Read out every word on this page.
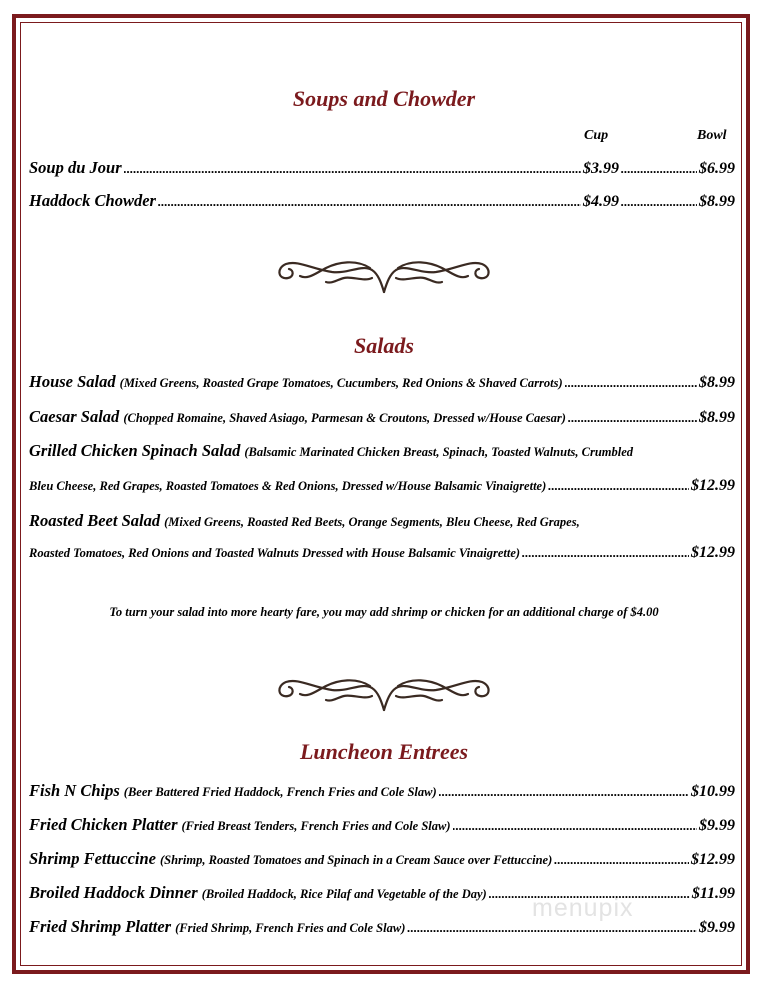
Soups and Chowder
Cup	Bowl
Soup du Jour .....	$3.99 .....	$6.99
Haddock Chowder .....	$4.99 .....	$8.99
Salads
House Salad (Mixed Greens, Roasted Grape Tomatoes, Cucumbers, Red Onions & Shaved Carrots) .....	$8.99
Caesar Salad (Chopped Romaine, Shaved Asiago, Parmesan & Croutons, Dressed w/House Caesar) .....	$8.99
Grilled Chicken Spinach Salad (Balsamic Marinated Chicken Breast, Spinach, Toasted Walnuts, Crumbled
Bleu Cheese, Red Grapes, Roasted Tomatoes & Red Onions, Dressed w/House Balsamic Vinaigrette) .....	$12.99
Roasted Beet Salad (Mixed Greens, Roasted Red Beets, Orange Segments, Bleu Cheese, Red Grapes,
Roasted Tomatoes, Red Onions and Toasted Walnuts Dressed with House Balsamic Vinaigrette) .....	$12.99
To turn your salad into more hearty fare, you may add shrimp or chicken for an additional charge of $4.00
Luncheon Entrees
Fish N Chips (Beer Battered Fried Haddock, French Fries and Cole Slaw) .....	$10.99
Fried Chicken Platter (Fried Breast Tenders, French Fries and Cole Slaw) .....	$9.99
Shrimp Fettuccine (Shrimp, Roasted Tomatoes and Spinach in a Cream Sauce over Fettuccine) .....	$12.99
Broiled Haddock Dinner (Broiled Haddock, Rice Pilaf and Vegetable of the Day) .....	$11.99
Fried Shrimp Platter (Fried Shrimp, French Fries and Cole Slaw) .....	$9.99
menupix
